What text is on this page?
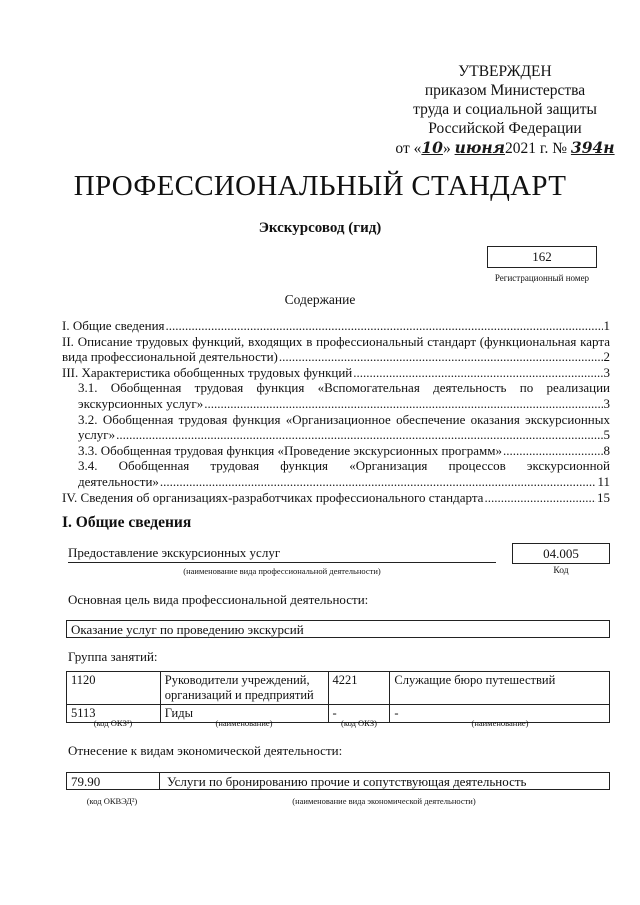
УТВЕРЖДЕН
приказом Министерства
труда и социальной защиты
Российской Федерации
от «10» июня2021 г. № 394н
ПРОФЕССИОНАЛЬНЫЙ СТАНДАРТ
Экскурсовод (гид)
162
Регистрационный номер
Содержание
I. Общие сведения .....	1
II. Описание трудовых функций, входящих в профессиональный стандарт (функциональная карта
вида профессиональной деятельности) .....	2
III. Характеристика обобщенных трудовых функций .....	3
3.1. Обобщенная трудовая функция «Вспомогательная деятельность по реализации
экскурсионных услуг» .....	3
3.2. Обобщенная трудовая функция «Организационное обеспечение оказания экскурсионных
услуг» .....	5
3.3. Обобщенная трудовая функция «Проведение экскурсионных программ» .....	8
3.4. Обобщенная трудовая функция «Организация процессов экскурсионной
деятельности» .....	11
IV. Сведения об организациях-разработчиках профессионального стандарта .....	15
I. Общие сведения
Предоставление экскурсионных услуг
(наименование вида профессиональной деятельности)
04.005
Код
Основная цель вида профессиональной деятельности:
Оказание услуг по проведению экскурсий
Группа занятий:
1120	Руководители учреждений, организаций и предприятий	4221	Служащие бюро путешествий
5113	Гиды	-	-
(код ОКЗ¹)	(наименование)	(код ОКЗ)	(наименование)
Отнесение к видам экономической деятельности:
79.90	Услуги по бронированию прочие и сопутствующая деятельность
(код ОКВЭД²)	(наименование вида экономической деятельности)
